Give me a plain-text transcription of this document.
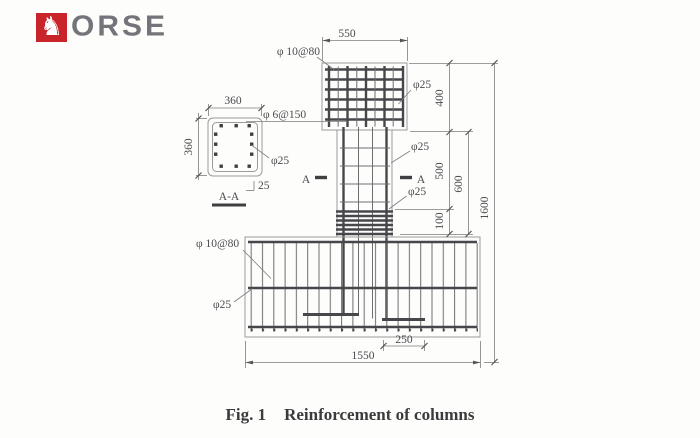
♞ ORSE
360
360
φ 6@150
φ25
25
A-A
A	A
550
φ 10@80
φ25
φ25
φ25
400
500
100
600
1600
φ 10@80
φ25
250
1550
Fig. 1 Reinforcement of columns
